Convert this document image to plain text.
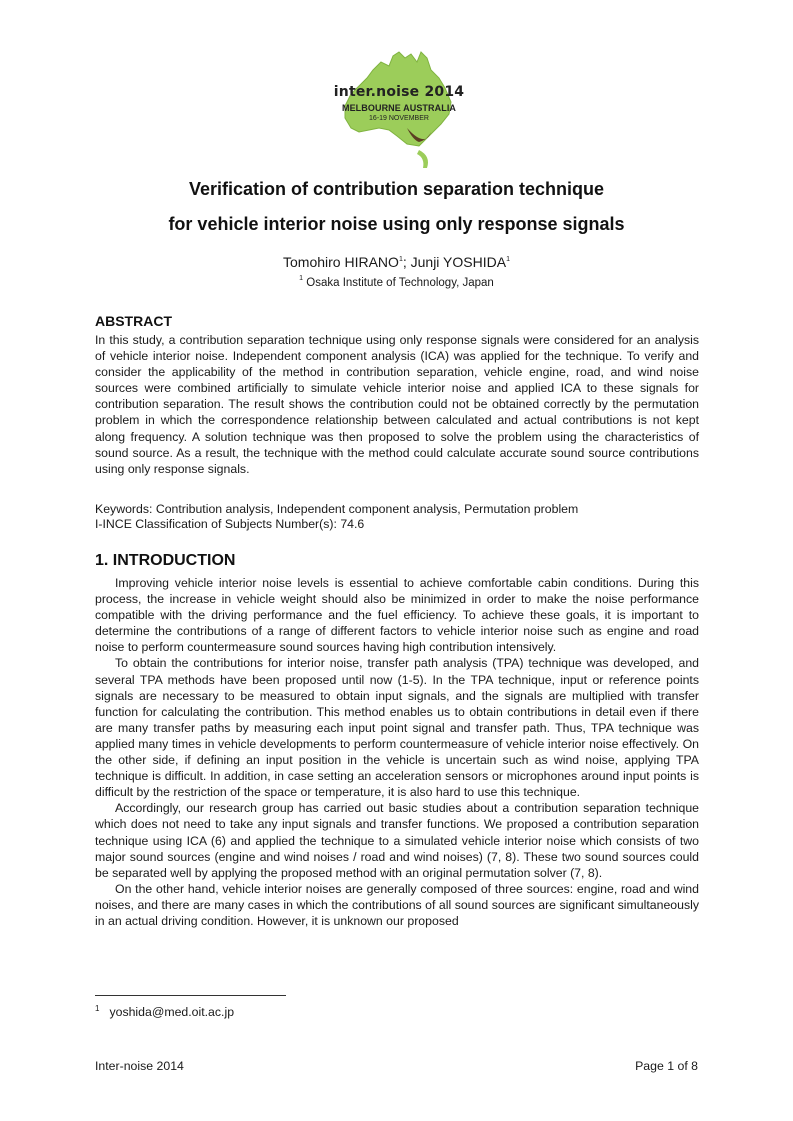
inter.noise 2014
MELBOURNE AUSTRALIA
16-19 NOVEMBER
Verification of contribution separation technique
for vehicle interior noise using only response signals
Tomohiro HIRANO$^1$; Junji YOSHIDA$^1$
$^1$ Osaka Institute of Technology, Japan
ABSTRACT
In this study, a contribution separation technique using only response signals were considered for an analysis of vehicle interior noise. Independent component analysis (ICA) was applied for the technique. To verify and consider the applicability of the method in contribution separation, vehicle engine, road, and wind noise sources were combined artificially to simulate vehicle interior noise and applied ICA to these signals for contribution separation. The result shows the contribution could not be obtained correctly by the permutation problem in which the correspondence relationship between calculated and actual contributions is not kept along frequency. A solution technique was then proposed to solve the problem using the characteristics of sound source. As a result, the technique with the method could calculate accurate sound source contributions using only response signals.
Keywords: Contribution analysis, Independent component analysis, Permutation problem
I-INCE Classification of Subjects Number(s): 74.6
1. INTRODUCTION

Improving vehicle interior noise levels is essential to achieve comfortable cabin conditions. During this process, the increase in vehicle weight should also be minimized in order to make the noise performance compatible with the driving performance and the fuel efficiency. To achieve these goals, it is important to determine the contributions of a range of different factors to vehicle interior noise such as engine and road noise to perform countermeasure sound sources having high contribution intensively.

To obtain the contributions for interior noise, transfer path analysis (TPA) technique was developed, and several TPA methods have been proposed until now (1-5). In the TPA technique, input or reference points signals are necessary to be measured to obtain input signals, and the signals are multiplied with transfer function for calculating the contribution. This method enables us to obtain contributions in detail even if there are many transfer paths by measuring each input point signal and transfer path. Thus, TPA technique was applied many times in vehicle developments to perform countermeasure of vehicle interior noise effectively. On the other side, if defining an input position in the vehicle is uncertain such as wind noise, applying TPA technique is difficult. In addition, in case setting an acceleration sensors or microphones around input points is difficult by the restriction of the space or temperature, it is also hard to use this technique.

Accordingly, our research group has carried out basic studies about a contribution separation technique which does not need to take any input signals and transfer functions. We proposed a contribution separation technique using ICA (6) and applied the technique to a simulated vehicle interior noise which consists of two major sound sources (engine and wind noises / road and wind noises) (7, 8). These two sound sources could be separated well by applying the proposed method with an original permutation solver (7, 8).

On the other hand, vehicle interior noises are generally composed of three sources: engine, road and wind noises, and there are many cases in which the contributions of all sound sources are significant simultaneously in an actual driving condition. However, it is unknown our proposed

$^1$ yoshida@med.oit.ac.jp
Inter-noise 2014	Page 1 of 8
